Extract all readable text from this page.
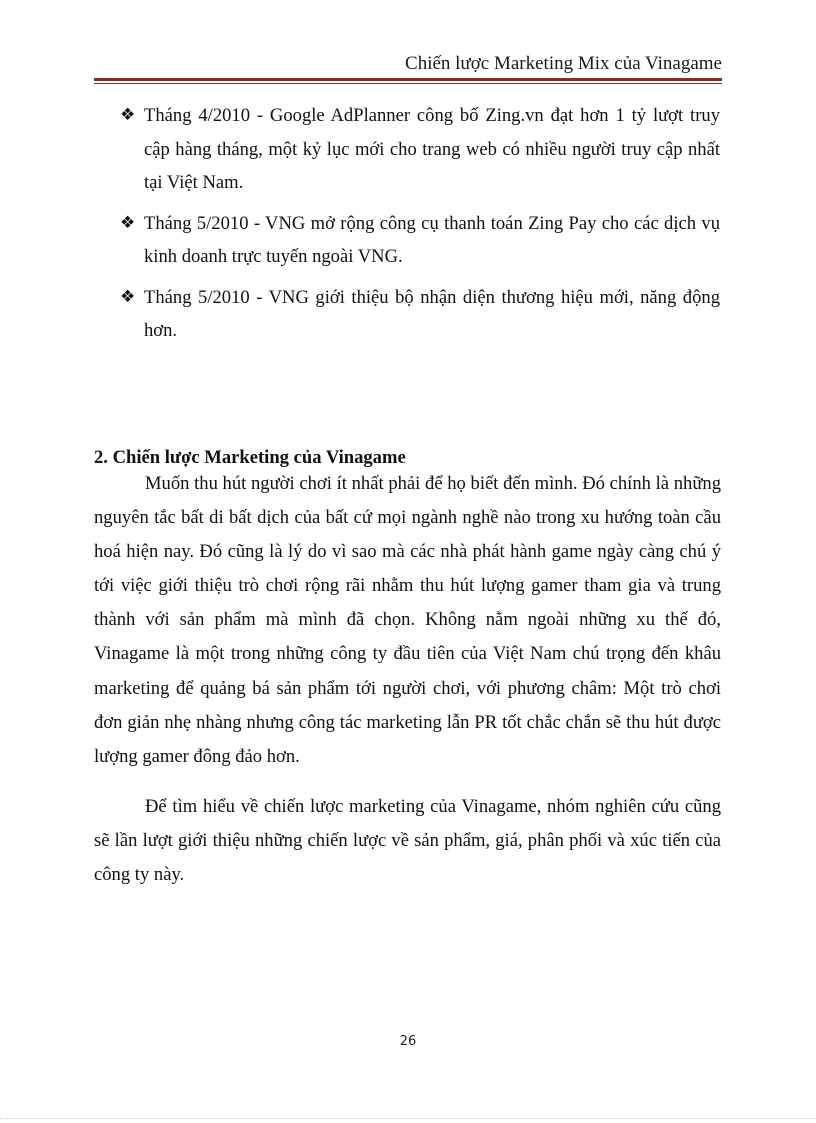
Chiến lược Marketing Mix của Vinagame
❖ Tháng 4/2010 - Google AdPlanner công bố Zing.vn đạt hơn 1 tỷ lượt truy cập hàng tháng, một kỷ lục mới cho trang web có nhiều người truy cập nhất tại Việt Nam.
❖ Tháng 5/2010 - VNG mở rộng công cụ thanh toán Zing Pay cho các dịch vụ kinh doanh trực tuyến ngoài VNG.
❖ Tháng 5/2010 - VNG giới thiệu bộ nhận diện thương hiệu mới, năng động hơn.
2. Chiến lược Marketing của Vinagame

Muốn thu hút người chơi ít nhất phải để họ biết đến mình. Đó chính là những nguyên tắc bất di bất dịch của bất cứ mọi ngành nghề nào trong xu hướng toàn cầu hoá hiện nay. Đó cũng là lý do vì sao mà các nhà phát hành game ngày càng chú ý tới việc giới thiệu trò chơi rộng rãi nhằm thu hút lượng gamer tham gia và trung thành với sản phẩm mà mình đã chọn. Không nằm ngoài những xu thế đó, Vinagame là một trong những công ty đầu tiên của Việt Nam chú trọng đến khâu marketing để quảng bá sản phẩm tới người chơi, với phương châm: Một trò chơi đơn giản nhẹ nhàng nhưng công tác marketing lẫn PR tốt chắc chắn sẽ thu hút được lượng gamer đông đảo hơn.

Để tìm hiểu về chiến lược marketing của Vinagame, nhóm nghiên cứu cũng sẽ lần lượt giới thiệu những chiến lược về sản phẩm, giá, phân phối và xúc tiến của công ty này.

26
